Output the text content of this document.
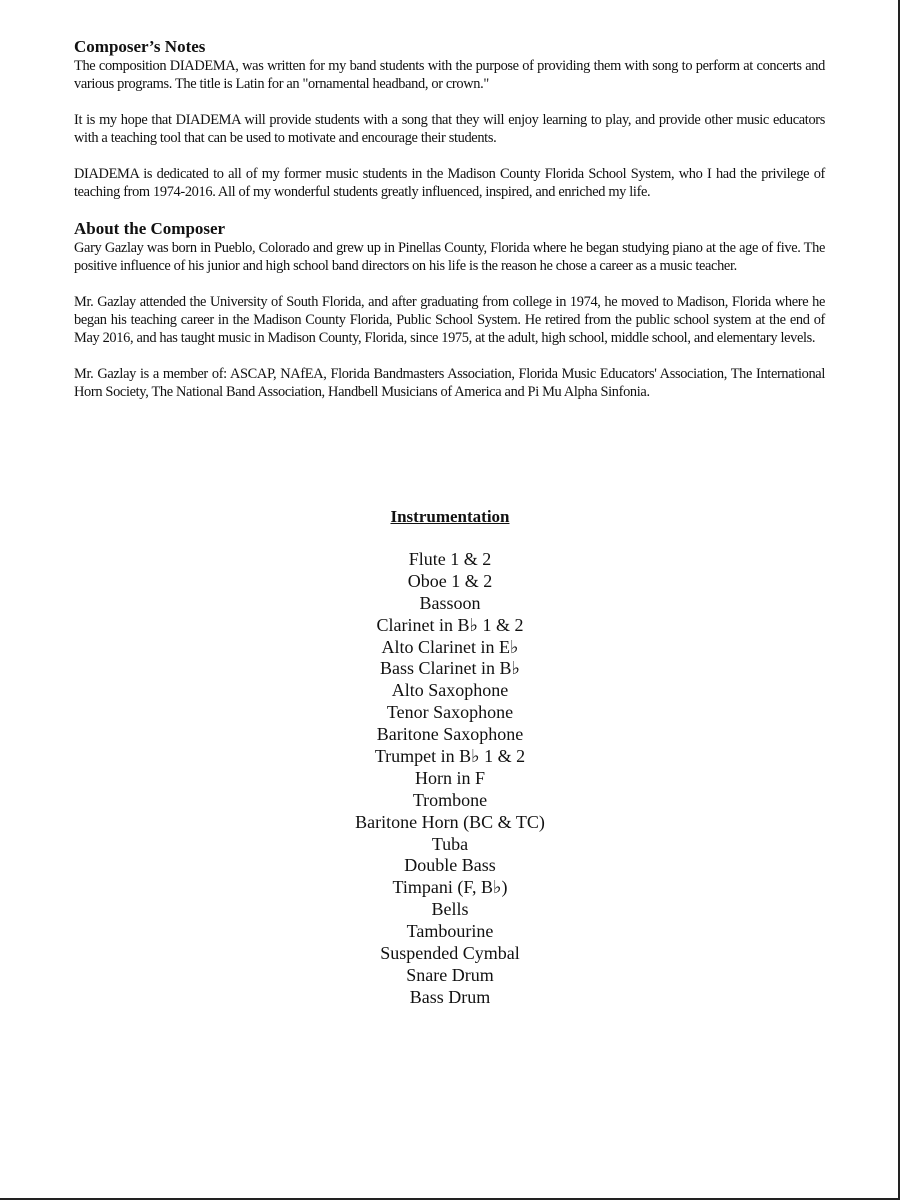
Composer’s Notes

The composition DIADEMA, was written for my band students with the purpose of providing them with song to perform at concerts and various programs. The title is Latin for an "ornamental headband, or crown."

It is my hope that DIADEMA will provide students with a song that they will enjoy learning to play, and provide other music educators with a teaching tool that can be used to motivate and encourage their students.

DIADEMA is dedicated to all of my former music students in the Madison County Florida School System, who I had the privilege of teaching from 1974-2016. All of my wonderful students greatly influenced, inspired, and enriched my life.

About the Composer

Gary Gazlay was born in Pueblo, Colorado and grew up in Pinellas County, Florida where he began studying piano at the age of five. The positive influence of his junior and high school band directors on his life is the reason he chose a career as a music teacher.

Mr. Gazlay attended the University of South Florida, and after graduating from college in 1974, he moved to Madison, Florida where he began his teaching career in the Madison County Florida, Public School System. He retired from the public school system at the end of May 2016, and has taught music in Madison County, Florida, since 1975, at the adult, high school, middle school, and elementary levels.

Mr. Gazlay is a member of: ASCAP, NAfEA, Florida Bandmasters Association, Florida Music Educators' Association, The International Horn Society, The National Band Association, Handbell Musicians of America and Pi Mu Alpha Sinfonia.

Instrumentation
Flute 1 & 2
Oboe 1 & 2
Bassoon
Clarinet in B♭ 1 & 2
Alto Clarinet in E♭
Bass Clarinet in B♭
Alto Saxophone
Tenor Saxophone
Baritone Saxophone
Trumpet in B♭ 1 & 2
Horn in F
Trombone
Baritone Horn (BC & TC)
Tuba
Double Bass
Timpani (F, B♭)
Bells
Tambourine
Suspended Cymbal
Snare Drum
Bass Drum
